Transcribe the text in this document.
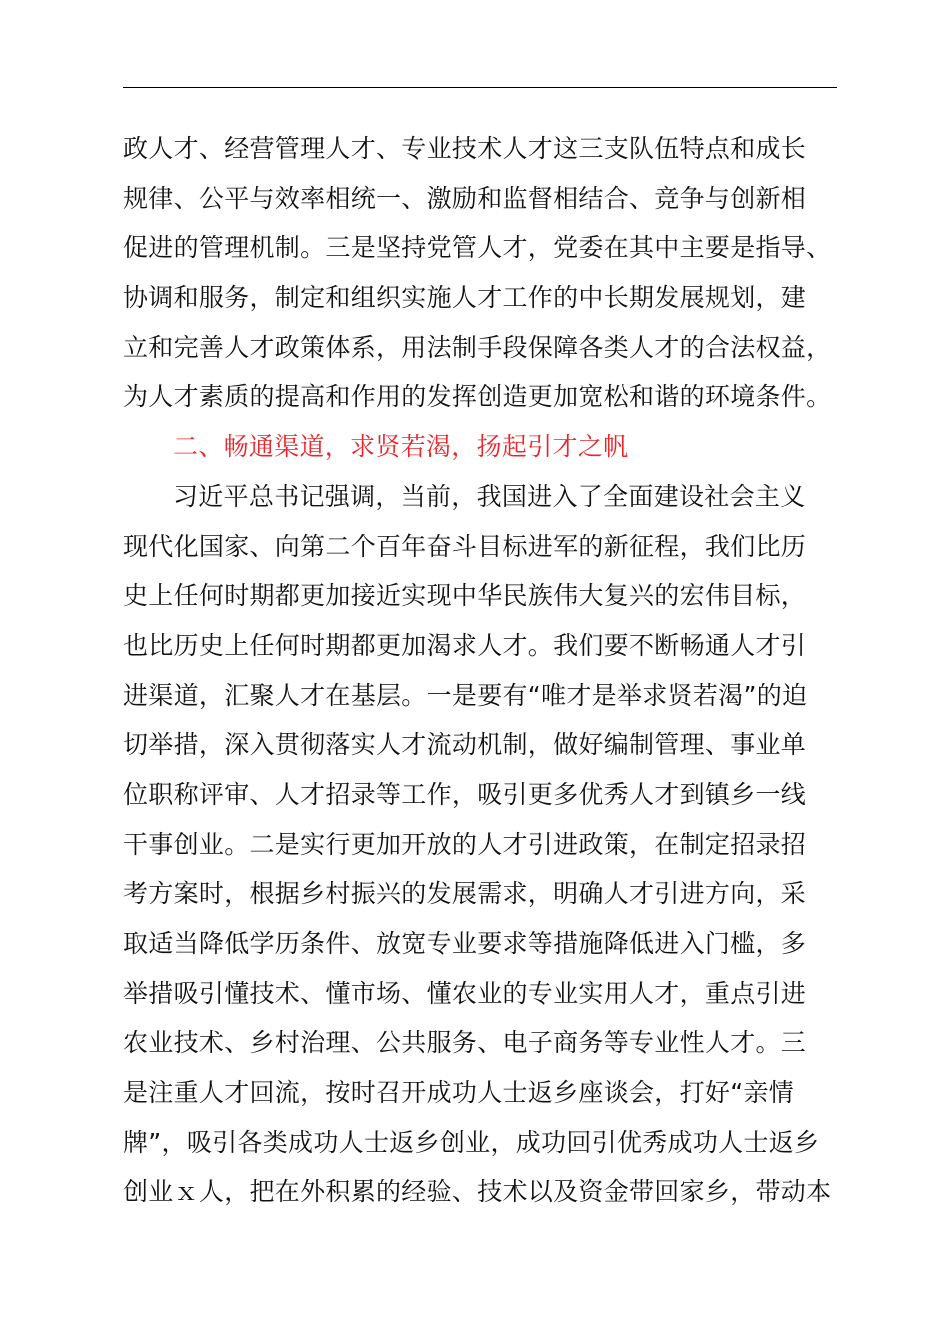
政人才、经营管理人才、专业技术人才这三支队伍特点和成长
规律、公平与效率相统一、激励和监督相结合、竞争与创新相
促进的管理机制。三是坚持党管人才，党委在其中主要是指导、
协调和服务，制定和组织实施人才工作的中长期发展规划，建
立和完善人才政策体系，用法制手段保障各类人才的合法权益，
为人才素质的提高和作用的发挥创造更加宽松和谐的环境条件。
二、畅通渠道，求贤若渴，扬起引才之帆
习近平总书记强调，当前，我国进入了全面建设社会主义
现代化国家、向第二个百年奋斗目标进军的新征程，我们比历
史上任何时期都更加接近实现中华民族伟大复兴的宏伟目标，
也比历史上任何时期都更加渴求人才。我们要不断畅通人才引
进渠道，汇聚人才在基层。一是要有“唯才是举求贤若渴”的迫
切举措，深入贯彻落实人才流动机制，做好编制管理、事业单
位职称评审、人才招录等工作，吸引更多优秀人才到镇乡一线
干事创业。二是实行更加开放的人才引进政策，在制定招录招
考方案时，根据乡村振兴的发展需求，明确人才引进方向，采
取适当降低学历条件、放宽专业要求等措施降低进入门槛，多
举措吸引懂技术、懂市场、懂农业的专业实用人才，重点引进
农业技术、乡村治理、公共服务、电子商务等专业性人才。三
是注重人才回流，按时召开成功人士返乡座谈会，打好“亲情
牌”，吸引各类成功人士返乡创业，成功回引优秀成功人士返乡
创业ｘ人，把在外积累的经验、技术以及资金带回家乡，带动本
